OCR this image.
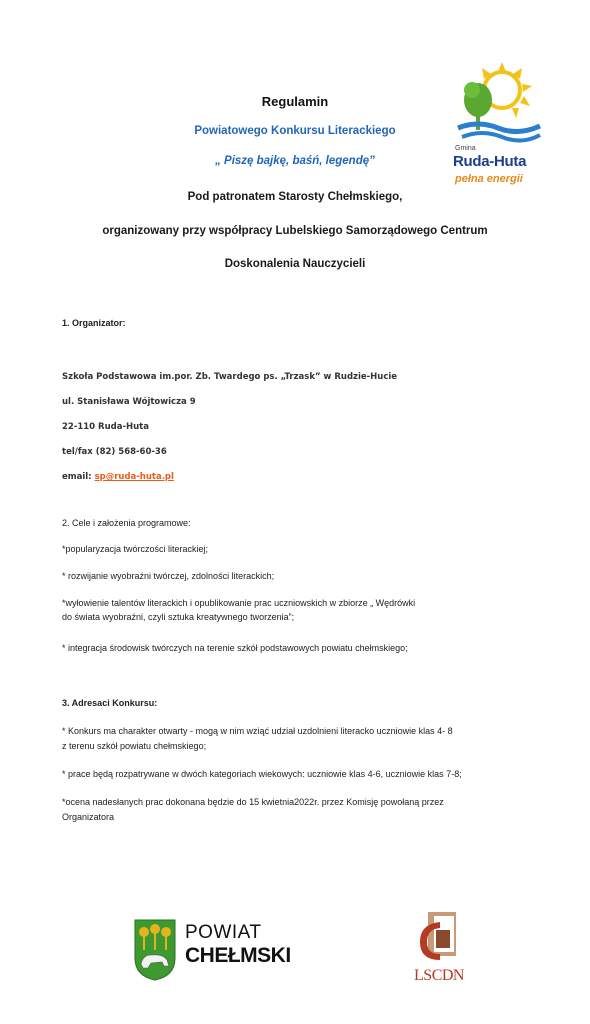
Regulamin
Powiatowego Konkursu Literackiego
„ Piszę bajkę, baśń, legendę”
Pod patronatem Starosty Chełmskiego,
organizowany przy współpracy Lubelskiego Samorządowego Centrum
Doskonalenia Nauczycieli
Gmina
Ruda-Huta
pełna energii
1. Organizator:
Szkoła Podstawowa im.por. Zb. Twardego ps. „Trzask” w Rudzie-Hucie
ul. Stanisława Wójtowicza 9
22-110 Ruda-Huta
tel/fax (82) 568-60-36
email: sp@ruda-huta.pl
2. Cele i założenia programowe:
*popularyzacja twórczości literackiej;
* rozwijanie wyobraźni twórczej, zdolności literackich;
*wyłowienie talentów literackich i opublikowanie prac uczniowskich w zbiorze „ Wędrówki
do świata wyobraźni, czyli sztuka kreatywnego tworzenia”;
* integracja środowisk twórczych na terenie szkół podstawowych powiatu chełmskiego;
3. Adresaci Konkursu:
* Konkurs ma charakter otwarty - mogą w nim wziąć udział uzdolnieni literacko uczniowie klas 4- 8
z terenu szkół powiatu chełmskiego;
* prace będą rozpatrywane w dwóch kategoriach wiekowych: uczniowie klas 4-6, uczniowie klas 7-8;
*ocena nadesłanych prac dokonana będzie do 15 kwietnia2022r. przez Komisję powołaną przez
Organizatora
POWIAT
CHEŁMSKI
LSCDN
